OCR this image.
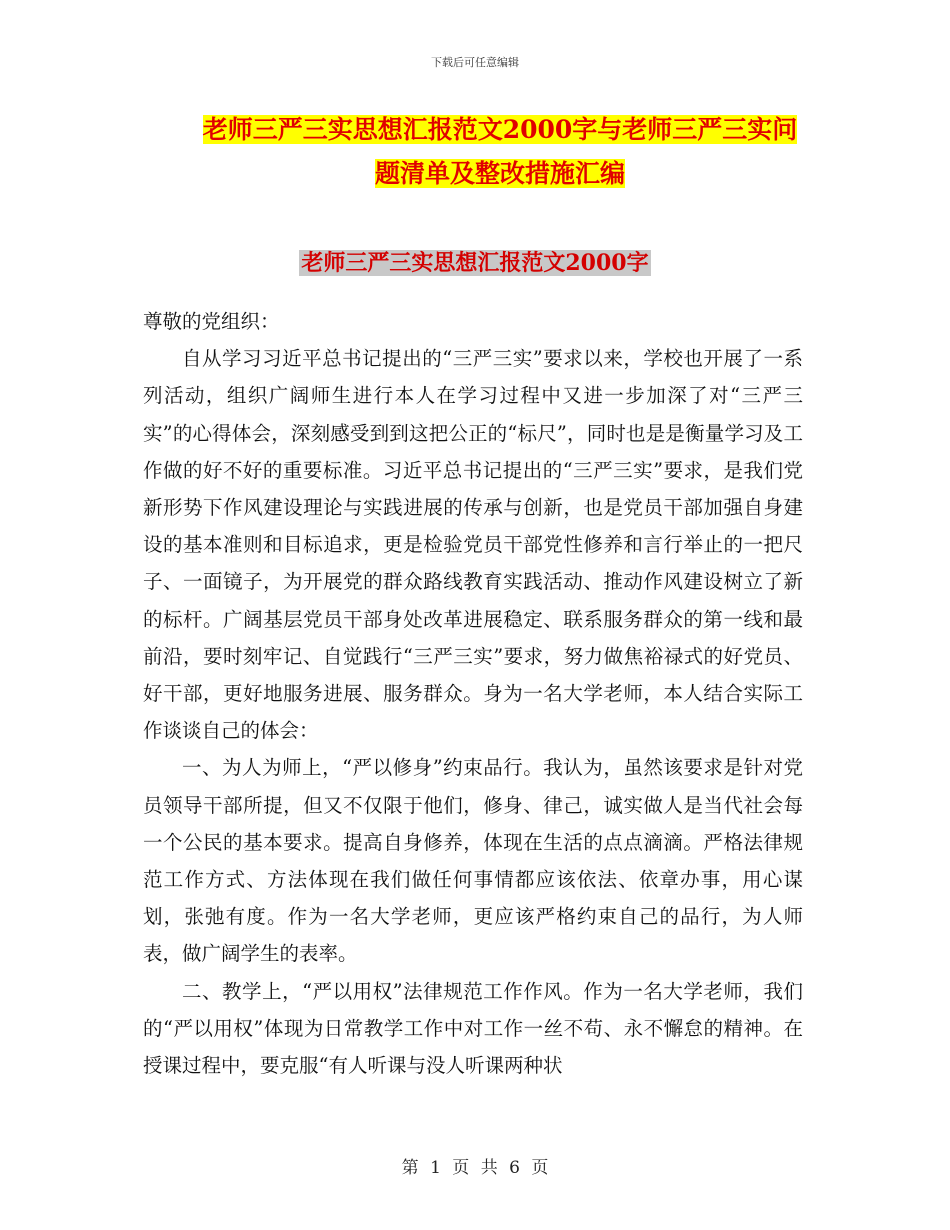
下载后可任意编辑
老师三严三实思想汇报范文2000字与老师三严三实问
题清单及整改措施汇编
老师三严三实思想汇报范文2000字

尊敬的党组织：

自从学习习近平总书记提出的“三严三实”要求以来，学校也开展了一系列活动，组织广阔师生进行本人在学习过程中又进一步加深了对“三严三实”的心得体会，深刻感受到到这把公正的“标尺”，同时也是是衡量学习及工作做的好不好的重要标准。习近平总书记提出的“三严三实”要求，是我们党新形势下作风建设理论与实践进展的传承与创新，也是党员干部加强自身建设的基本准则和目标追求，更是检验党员干部党性修养和言行举止的一把尺子、一面镜子，为开展党的群众路线教育实践活动、推动作风建设树立了新的标杆。广阔基层党员干部身处改革进展稳定、联系服务群众的第一线和最前沿，要时刻牢记、自觉践行“三严三实”要求，努力做焦裕禄式的好党员、好干部，更好地服务进展、服务群众。身为一名大学老师，本人结合实际工作谈谈自己的体会：

一、为人为师上，“严以修身”约束品行。我认为，虽然该要求是针对党员领导干部所提，但又不仅限于他们，修身、律己，诚实做人是当代社会每一个公民的基本要求。提高自身修养，体现在生活的点点滴滴。严格法律规范工作方式、方法体现在我们做任何事情都应该依法、依章办事，用心谋划，张弛有度。作为一名大学老师，更应该严格约束自己的品行，为人师表，做广阔学生的表率。

二、教学上，“严以用权”法律规范工作作风。作为一名大学老师，我们的“严以用权”体现为日常教学工作中对工作一丝不苟、永不懈怠的精神。在授课过程中，要克服“有人听课与没人听课两种状

第 1 页 共 6 页
